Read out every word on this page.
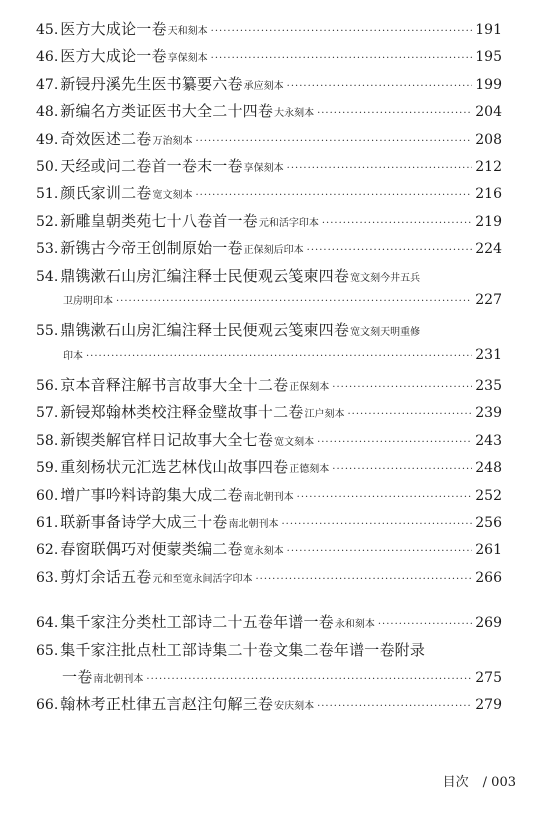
45. 医方大成论一卷 天和刻本 ·····	191
46. 医方大成论一卷 享保刻本 ·····	195
47. 新锓丹溪先生医书纂要六卷 承应刻本 ·····	199
48. 新编名方类证医书大全二十四卷 大永刻本 ·····	204
49. 奇效医述二卷 万治刻本 ·····	208
50. 天经或问二卷首一卷末一卷 享保刻本 ·····	212
51. 颜氏家训二卷 宽文刻本 ·····	216
52. 新雕皇朝类苑七十八卷首一卷 元和活字印本 ·····	219
53. 新镌古今帝王创制原始一卷 正保刻后印本 ·····	224
54. 鼎镌漱石山房汇编注释士民便观云笺柬四卷 宽文刻今井五兵
卫房明印本 ·····	227
55. 鼎镌漱石山房汇编注释士民便观云笺柬四卷 宽文刻天明重修
印本 ·····	231
56. 京本音释注解书言故事大全十二卷 正保刻本 ·····	235
57. 新锓郑翰林类校注释金璧故事十二卷 江户刻本 ·····	239
58. 新锲类解官样日记故事大全七卷 宽文刻本 ·····	243
59. 重刻杨状元汇选艺林伐山故事四卷 正德刻本 ·····	248
60. 增广事吟料诗韵集大成二卷 南北朝刊本 ·····	252
61. 联新事备诗学大成三十卷 南北朝刊本 ·····	256
62. 春窗联偶巧对便蒙类编二卷 宽永刻本 ·····	261
63. 剪灯余话五卷 元和至宽永间活字印本 ·····	266
64. 集千家注分类杜工部诗二十五卷年谱一卷 永和刻本 ·····	269
65. 集千家注批点杜工部诗集二十卷文集二卷年谱一卷附录
一卷 南北朝刊本 ·····	275
66. 翰林考正杜律五言赵注句解三卷 安庆刻本 ·····	279
目次 / 003
